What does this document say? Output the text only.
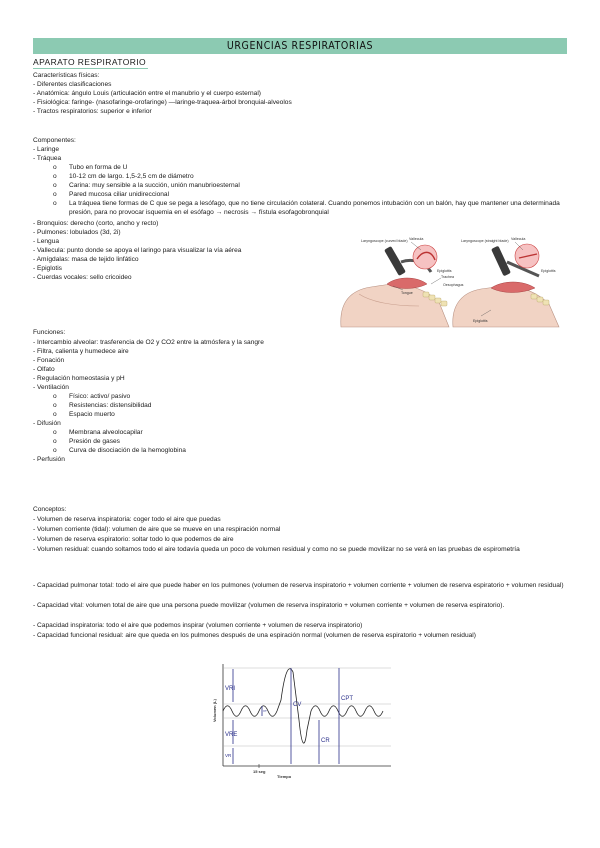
URGENCIAS RESPIRATORIAS
APARATO RESPIRATORIO
Características físicas:
- Diferentes clasificaciones
- Anatómica: ángulo Louis (articulación entre el manubrio y el cuerpo esternal)
- Fisiológica: faringe- (nasofaringe-orofaringe) —laringe-traquea-árbol bronquial-alveolos
- Tractos respiratorios: superior e inferior
Componentes:
- Laringe
- Tráquea
o Tubo en forma de U
o 10-12 cm de largo. 1,5-2,5 cm de diámetro
o Carina: muy sensible a la succión, unión manubrioesternal
o Pared mucosa ciliar unidireccional
o La tráquea tiene formas de C que se pega a lesófago, que no tiene circulación colateral. Cuando ponemos intubación con un balón, hay que mantener una determinada presión, para no provocar isquemia en el esófago → necrosis → fístula esofagobronquial
- Bronquios: derecho (corto, ancho y recto)
- Pulmones: lobulados (3d, 2i)
- Lengua
- Vallecula: punto donde se apoya el laringo para visualizar la vía aérea
- Amígdalas: masa de tejido linfático
- Epiglotis
- Cuerdas vocales: sello cricoideo
Vallecula	Vallecula
Laryngoscope (curved blade)	Laryngoscope (straight blade)
Epiglottis	Epiglottis
Tongue
Trachea
Oesophagus
Epiglottis
Funciones:
- Intercambio alveolar: trasferencia de O2 y CO2 entre la atmósfera y la sangre
- Filtra, calienta y humedece aire
- Fonación
- Olfato
- Regulación homeostasia y pH
- Ventilación
o Físico: activo/ pasivo
o Resistencias: distensibilidad
o Espacio muerto
- Difusión
o Membrana alveolocapilar
o Presión de gases
o Curva de disociación de la hemoglobina
- Perfusión
Conceptos:
- Volumen de reserva inspiratoria: coger todo el aire que puedas
- Volumen corriente (tidal): volumen de aire que se mueve en una respiración normal
- Volumen de reserva espiratorio: soltar todo lo que podemos de aire
- Volumen residual: cuando soltamos todo el aire todavía queda un poco de volumen residual y como no se puede movilizar no se verá en las pruebas de espirometría
- Capacidad pulmonar total: todo el aire que puede haber en los pulmones (volumen de reserva inspiratorio + volumen corriente + volumen de reserva espiratorio + volumen residual)
- Capacidad vital: volumen total de aire que una persona puede movilizar (volumen de reserva inspiratorio + volumen corriente + volumen de reserva espiratorio).
- Capacidad inspiratoria: todo el aire que podemos inspirar (volumen corriente + volumen de reserva inspiratorio)
- Capacidad funcional residual: aire que queda en los pulmones después de una espiración normal (volumen de reserva espiratorio + volumen residual)
VRI
VRE
VR
CV
CPT
CR
VT
Volumen (L)
15 seg
Tiempo
